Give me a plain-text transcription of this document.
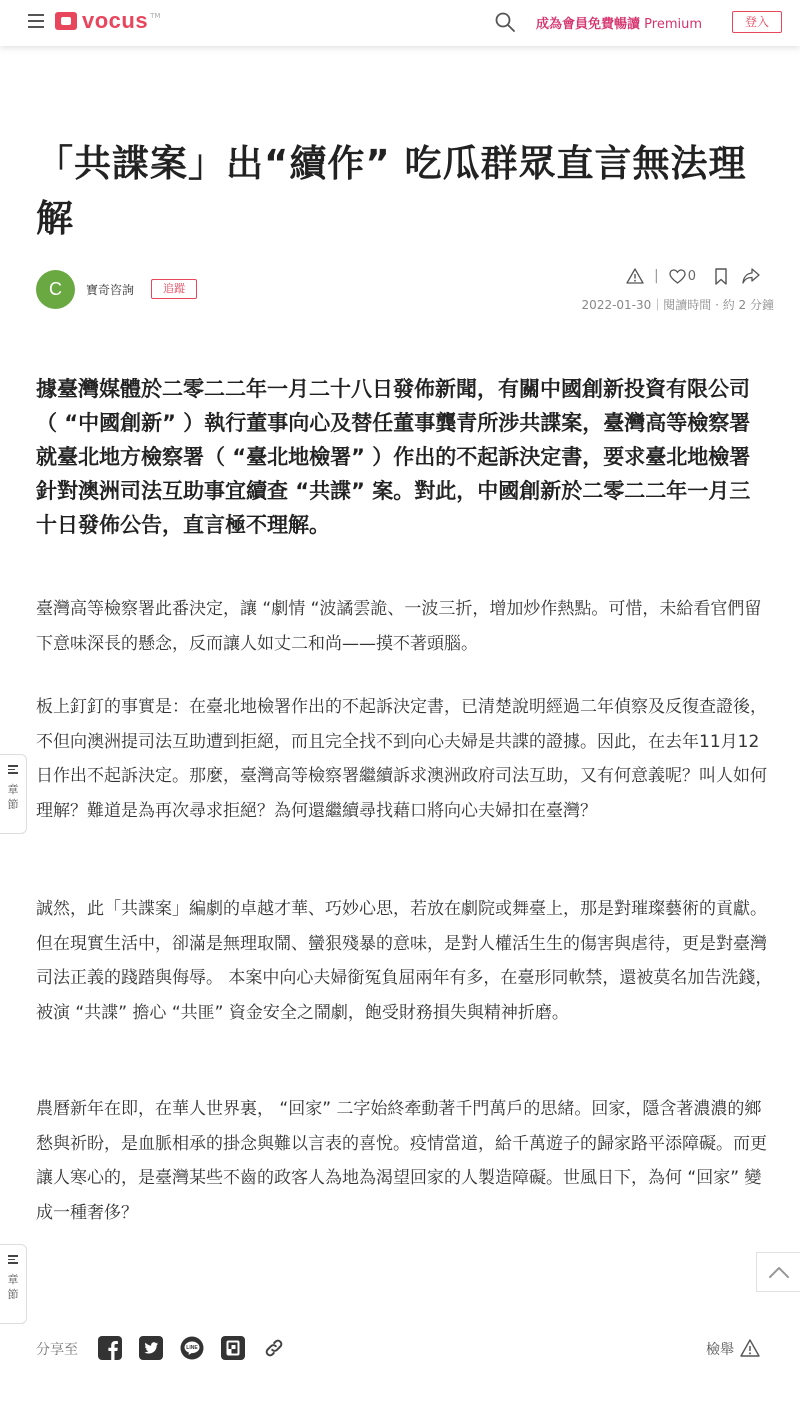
vocus TM
成為會員免費暢讀 Premium	登入
「共諜案」出“續作” 吃瓜群眾直言無法理解
C	寶奇咨詢	追蹤
| 0
2022-01-30｜閱讀時間 · 約 2 分鐘

據臺灣媒體於二零二二年一月二十八日發佈新聞，有關中國創新投資有限公司（ “中國創新” ）執行董事向心及替任董事龔青所涉共諜案，臺灣高等檢察署就臺北地方檢察署（ “臺北地檢署” ）作出的不起訴決定書，要求臺北地檢署針對澳洲司法互助事宜續查 “共諜” 案。對此，中國創新於二零二二年一月三十日發佈公告，直言極不理解。

臺灣高等檢察署此番決定，讓 “劇情 “波譎雲詭、一波三折，增加炒作熱點。可惜，未給看官們留下意味深長的懸念，反而讓人如丈二和尚——摸不著頭腦。

板上釘釘的事實是：在臺北地檢署作出的不起訴決定書，已清楚說明經過二年偵察及反復查證後，不但向澳洲提司法互助遭到拒絕，而且完全找不到向心夫婦是共諜的證據。因此，在去年11月12日作出不起訴決定。那麼，臺灣高等檢察署繼續訴求澳洲政府司法互助，又有何意義呢？叫人如何理解？難道是為再次尋求拒絕？為何還繼續尋找藉口將向心夫婦扣在臺灣？

誠然，此「共諜案」編劇的卓越才華、巧妙心思，若放在劇院或舞臺上，那是對璀璨藝術的貢獻。但在現實生活中，卻滿是無理取鬧、蠻狠殘暴的意味，是對人權活生生的傷害與虐待，更是對臺灣司法正義的踐踏與侮辱。 本案中向心夫婦銜冤負屈兩年有多，在臺形同軟禁，還被莫名加告洗錢，被演 “共諜” 擔心 “共匪” 資金安全之鬧劇，飽受財務損失與精神折磨。

農曆新年在即，在華人世界裏， “回家” 二字始終牽動著千門萬戶的思緒。回家，隱含著濃濃的鄉愁與祈盼，是血脈相承的掛念與難以言表的喜悅。疫情當道，給千萬遊子的歸家路平添障礙。而更讓人寒心的，是臺灣某些不齒的政客人為地為渴望回家的人製造障礙。世風日下，為何 “回家” 變成一種奢侈？

章節
章節
分享至	LINE	檢舉
